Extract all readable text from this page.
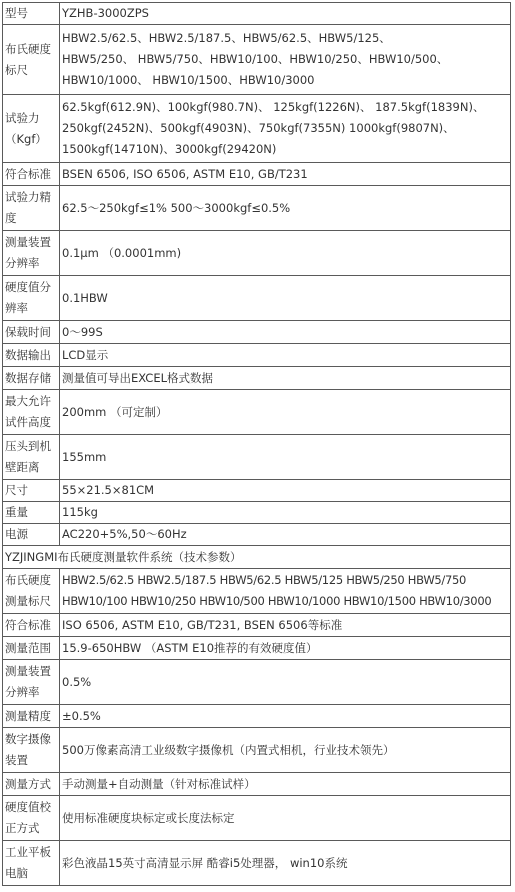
型号	YZHB-3000ZPS
布氏硬度
标尺	HBW2.5/62.5、HBW2.5/187.5、HBW5/62.5、HBW5/125、
HBW5/250、 HBW5/750、HBW10/100、HBW10/250、HBW10/500、
HBW10/1000、 HBW10/1500、HBW10/3000
试验力
（Kgf）	62.5kgf(612.9N)、100kgf(980.7N)、 125kgf(1226N)、 187.5kgf(1839N)、
250kgf(2452N)、500kgf(4903N)、750kgf(7355N) 1000kgf(9807N)、
1500kgf(14710N)、3000kgf(29420N)
符合标准	BSEN 6506, ISO 6506, ASTM E10, GB/T231
试验力精
度	62.5～250kgf≤1% 500～3000kgf≤0.5%
测量装置
分辨率	0.1μm （0.0001mm)
硬度值分
辨率	0.1HBW
保载时间	0～99S
数据输出	LCD显示
数据存储	测量值可导出EXCEL格式数据
最大允许
试件高度	200mm （可定制）
压头到机
壁距离	155mm
尺寸	55×21.5×81CM
重量	115kg
电源	AC220+5%,50～60Hz
YZJINGMI布氏硬度测量软件系统（技术参数）	
布氏硬度
测量标尺	HBW2.5/62.5 HBW2.5/187.5 HBW5/62.5 HBW5/125 HBW5/250 HBW5/750
HBW10/100 HBW10/250 HBW10/500 HBW10/1000 HBW10/1500 HBW10/3000
符合标准	ISO 6506, ASTM E10, GB/T231, BSEN 6506等标准
测量范围	15.9-650HBW （ASTM E10推荐的有效硬度值）
测量装置
分辨率	0.5%
测量精度	±0.5%
数字摄像
装置	500万像素高清工业级数字摄像机（内置式相机，行业技术领先）
测量方式	手动测量+自动测量（针对标准试样）
硬度值校
正方式	使用标准硬度块标定或长度法标定
工业平板
电脑	彩色液晶15英寸高清显示屏 酷睿i5处理器， win10系统
